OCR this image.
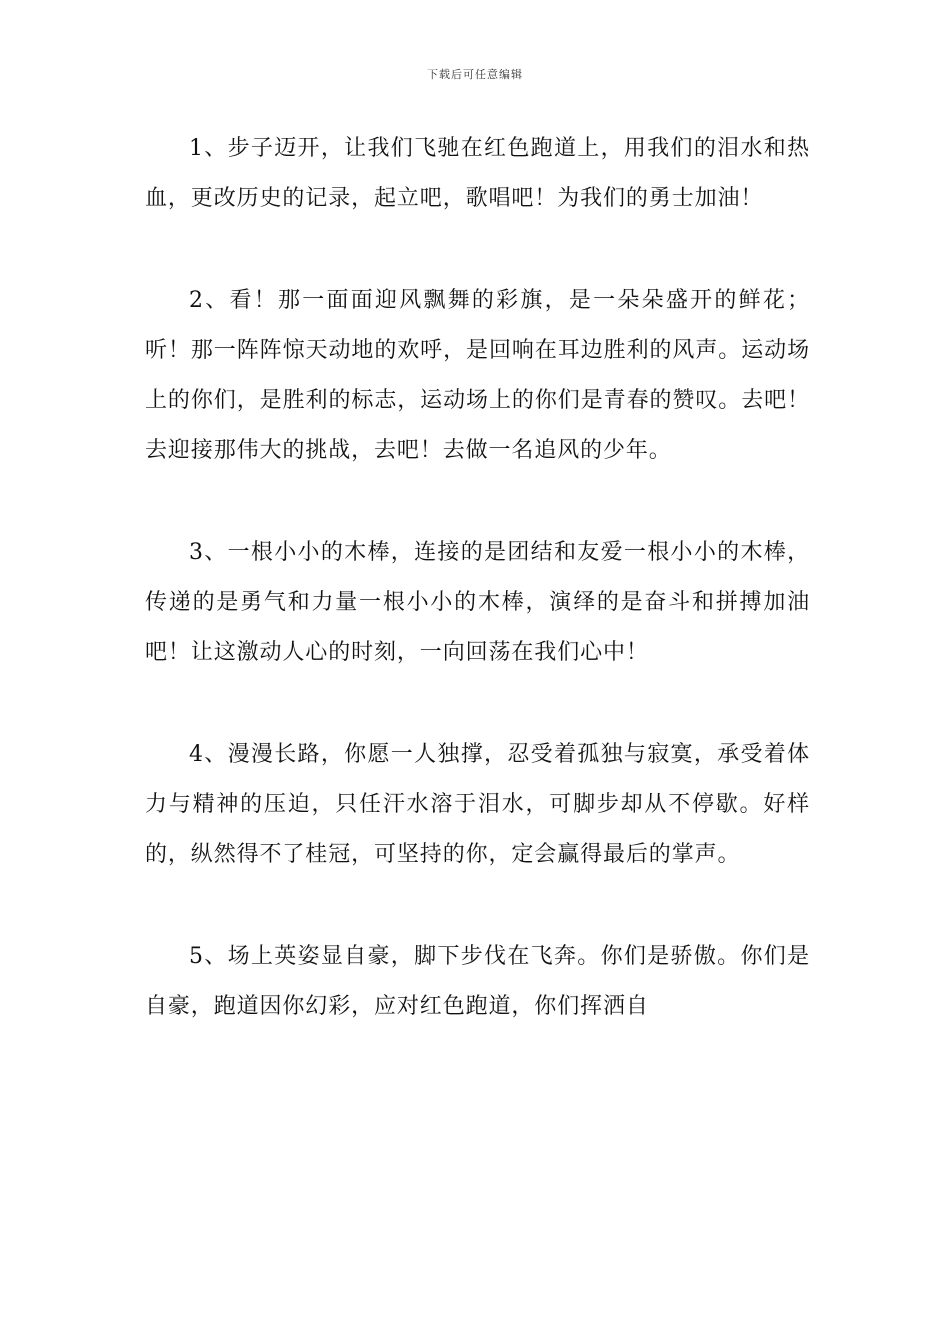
下载后可任意编辑

1、步子迈开，让我们飞驰在红色跑道上，用我们的泪水和热血，更改历史的记录，起立吧，歌唱吧！为我们的勇士加油！

2、看！那一面面迎风飘舞的彩旗，是一朵朵盛开的鲜花；听！那一阵阵惊天动地的欢呼，是回响在耳边胜利的风声。运动场上的你们，是胜利的标志，运动场上的你们是青春的赞叹。去吧！去迎接那伟大的挑战，去吧！去做一名追风的少年。

3、一根小小的木棒，连接的是团结和友爱一根小小的木棒，传递的是勇气和力量一根小小的木棒，演绎的是奋斗和拼搏加油吧！让这激动人心的时刻，一向回荡在我们心中！

4、漫漫长路，你愿一人独撑，忍受着孤独与寂寞，承受着体力与精神的压迫，只任汗水溶于泪水，可脚步却从不停歇。好样的，纵然得不了桂冠，可坚持的你，定会赢得最后的掌声。

5、场上英姿显自豪，脚下步伐在飞奔。你们是骄傲。你们是自豪，跑道因你幻彩，应对红色跑道，你们挥洒自
